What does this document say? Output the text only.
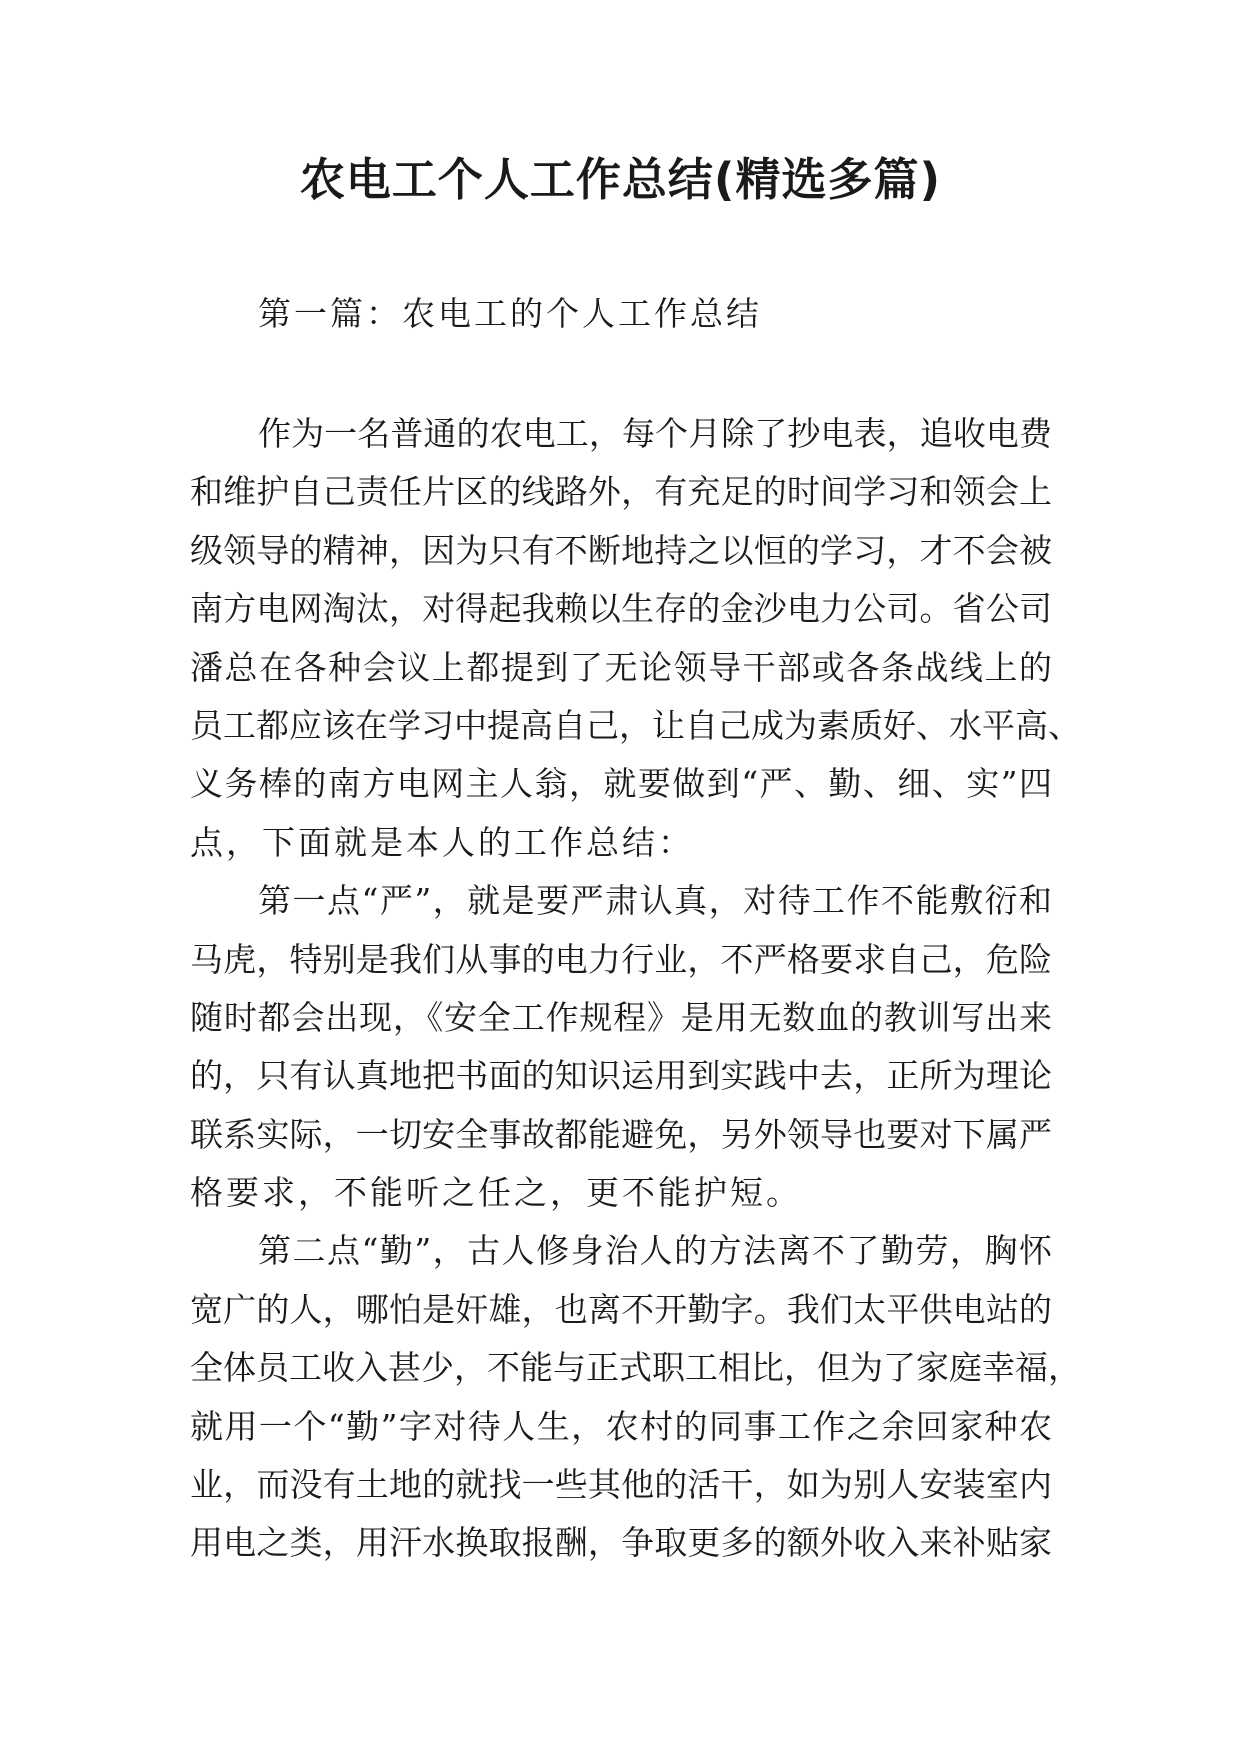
农电工个人工作总结(精选多篇)

第一篇：农电工的个人工作总结

作为一名普通的农电工，每个月除了抄电表，追收电费
和维护自己责任片区的线路外，有充足的时间学习和领会上
级领导的精神，因为只有不断地持之以恒的学习，才不会被
南方电网淘汰，对得起我赖以生存的金沙电力公司。省公司
潘总在各种会议上都提到了无论领导干部或各条战线上的
员工都应该在学习中提高自己，让自己成为素质好、水平高、
义务棒的南方电网主人翁，就要做到“严、勤、细、实”四
点，下面就是本人的工作总结：
第一点“严”，就是要严肃认真，对待工作不能敷衍和
马虎，特别是我们从事的电力行业，不严格要求自己，危险
随时都会出现，《安全工作规程》是用无数血的教训写出来
的，只有认真地把书面的知识运用到实践中去，正所为理论
联系实际，一切安全事故都能避免，另外领导也要对下属严
格要求，不能听之任之，更不能护短。
第二点“勤”，古人修身治人的方法离不了勤劳，胸怀
宽广的人，哪怕是奸雄，也离不开勤字。我们太平供电站的
全体员工收入甚少，不能与正式职工相比，但为了家庭幸福，
就用一个“勤”字对待人生，农村的同事工作之余回家种农
业，而没有土地的就找一些其他的活干，如为别人安装室内
用电之类，用汗水换取报酬，争取更多的额外收入来补贴家
